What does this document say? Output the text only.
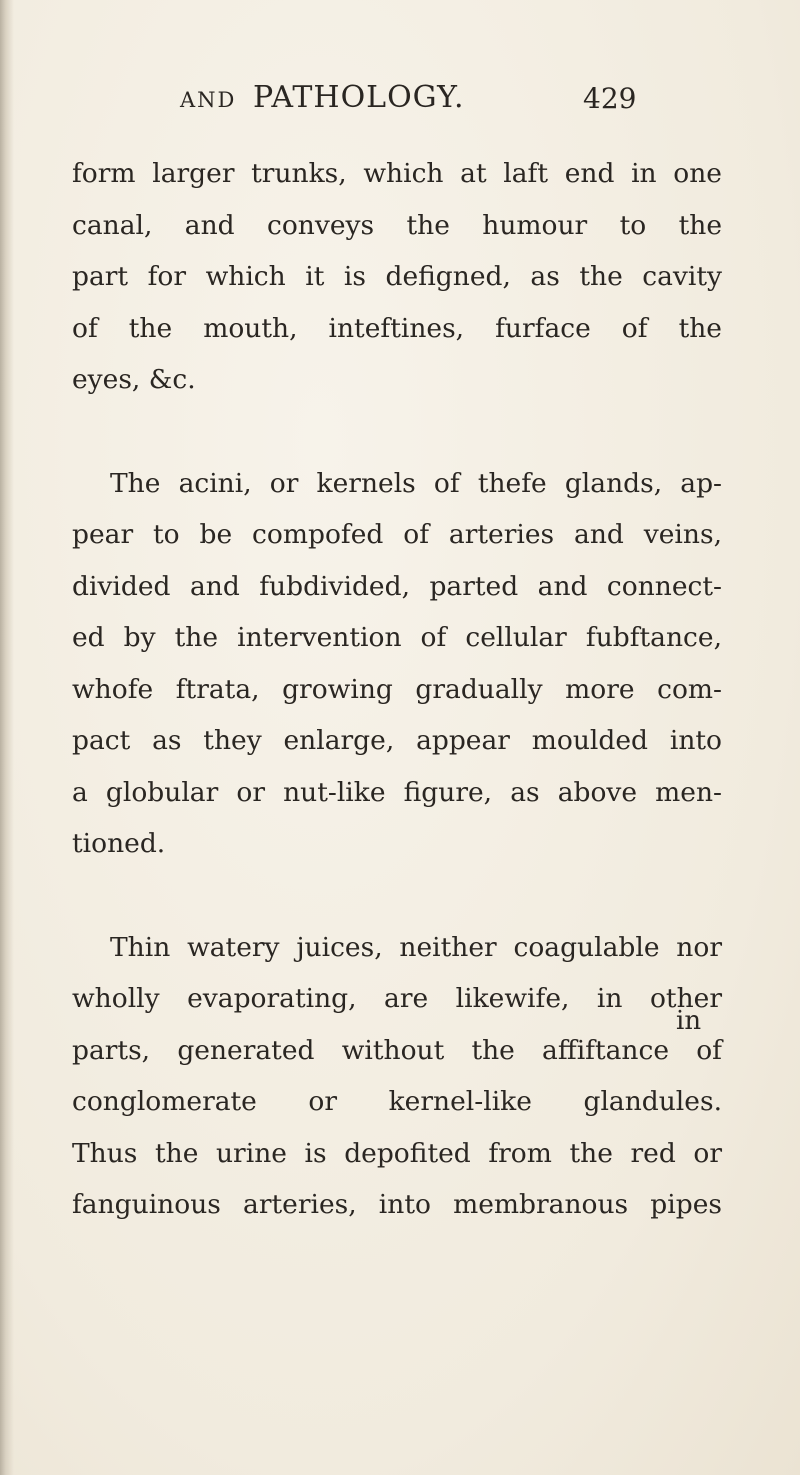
AND PATHOLOGY.	429
form larger trunks, which at laft end in one
canal, and conveys the humour to the
part for which it is defigned, as the cavity
of the mouth, inteftines, furface of the
eyes, &c.
The acini, or kernels of thefe glands, ap-
pear to be compofed of arteries and veins,
divided and fubdivided, parted and connect-
ed by the intervention of cellular fubftance,
whofe ftrata, growing gradually more com-
pact as they enlarge, appear moulded into
a globular or nut-like figure, as above men-
tioned.
Thin watery juices, neither coagulable nor
wholly evaporating, are likewife, in other
parts, generated without the affiftance of
conglomerate or kernel-like glandules.
Thus the urine is depofited from the red or
fanguinous arteries, into membranous pipes
in
